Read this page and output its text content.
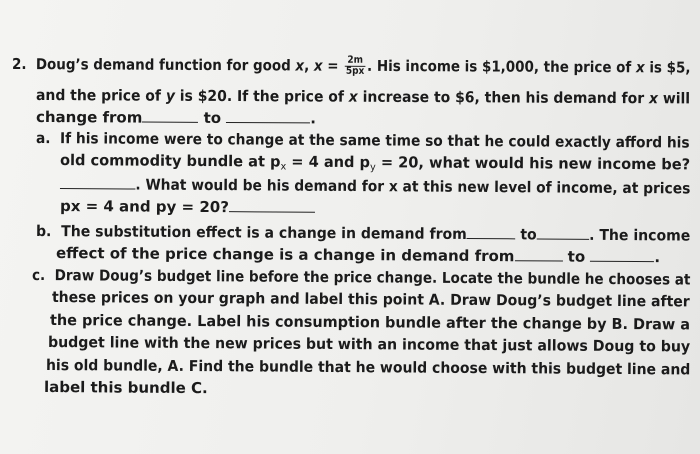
2. Doug’s demand function for good x, $x = \frac{2m}{5px}$ . His income is $1,000, the price of x is $5,
and the price of y is $20. If the price of x increase to $6, then his demand for x will
change from	to	.
a. If his income were to change at the same time so that he could exactly afford his
old commodity bundle at $p_x = 4$ and $p_y = 20$, what would his new income be?
. What would be his demand for x at this new level of income, at prices
px = 4 and py = 20?
b. The substitution effect is a change in demand from	to	. The income
effect of the price change is a change in demand from	to	.
c. Draw Doug’s budget line before the price change. Locate the bundle he chooses at
these prices on your graph and label this point A. Draw Doug’s budget line after
the price change. Label his consumption bundle after the change by B. Draw a
budget line with the new prices but with an income that just allows Doug to buy
his old bundle, A. Find the bundle that he would choose with this budget line and
label this bundle C.
